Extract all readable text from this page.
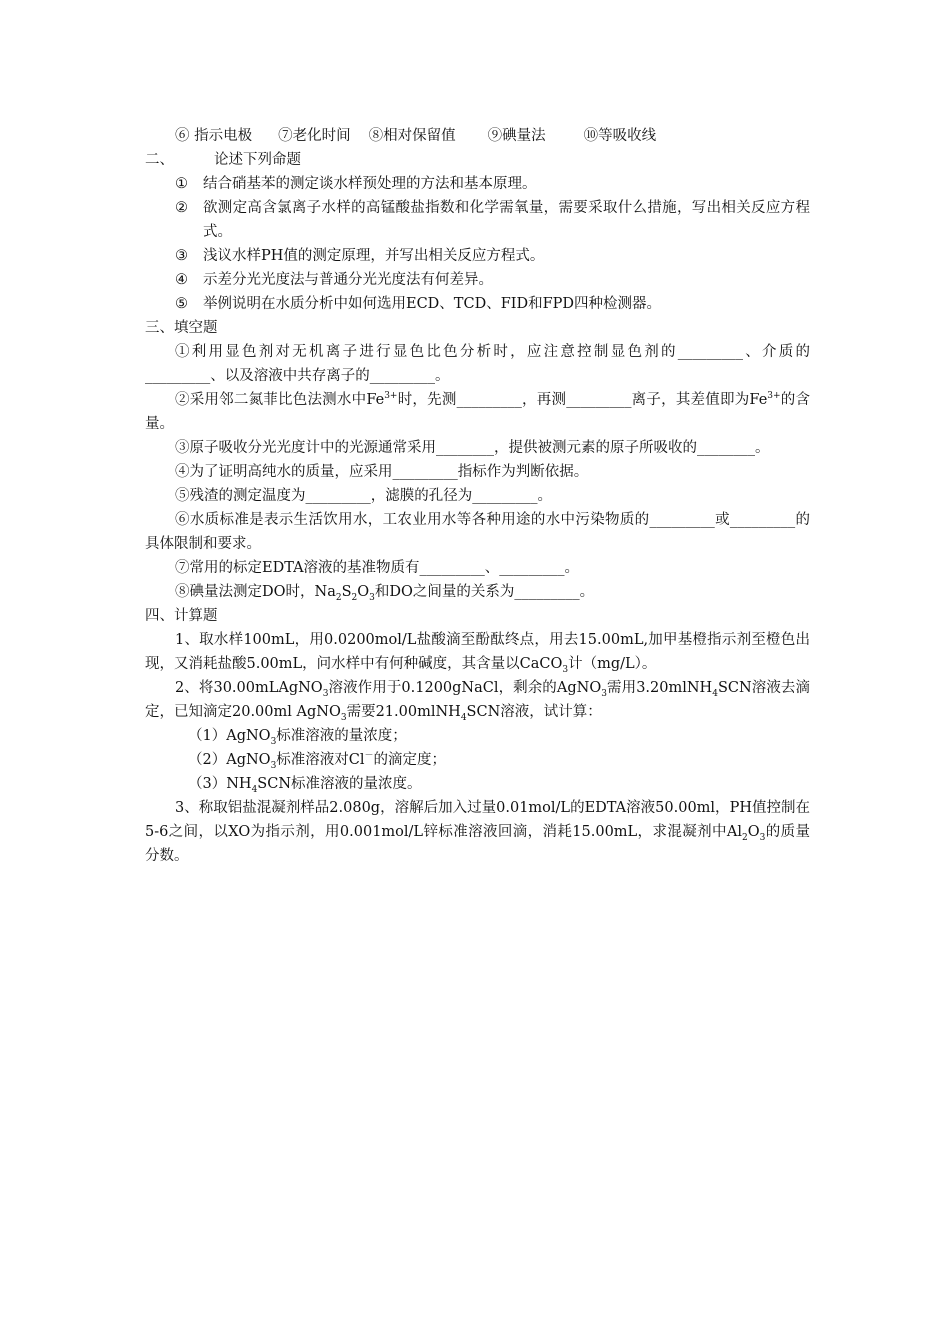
⑥ 指示电极 ⑦老化时间 ⑧相对保留值 ⑨碘量法	⑩等吸收线
二、	论述下列命题
①	结合硝基苯的测定谈水样预处理的方法和基本原理。
②	欲测定高含氯离子水样的高锰酸盐指数和化学需氧量，需要采取什么措施，写出相关反应方程式。
③	浅议水样PH值的测定原理，并写出相关反应方程式。
④	示差分光光度法与普通分光光度法有何差异。
⑤	举例说明在水质分析中如何选用ECD、TCD、FID和FPD四种检测器。
三、填空题
①利用显色剂对无机离子进行显色比色分析时，应注意控制显色剂的_________、介质的_________、以及溶液中共存离子的_________。
②采用邻二氮菲比色法测水中$Fe^{3+}$时，先测_________，再测_________离子，其差值即为$Fe^{3+}$的含量。
③原子吸收分光光度计中的光源通常采用________，提供被测元素的原子所吸收的________。
④为了证明高纯水的质量，应采用_________指标作为判断依据。
⑤残渣的测定温度为_________，滤膜的孔径为_________。
⑥水质标准是表示生活饮用水，工农业用水等各种用途的水中污染物质的_________或_________的具体限制和要求。
⑦常用的标定EDTA溶液的基准物质有_________、_________。
⑧碘量法测定DO时，$Na_2S_2O_3$和DO之间量的关系为_________。
四、计算题
1、取水样100mL，用0.0200mol/L盐酸滴至酚酞终点，用去15.00mL,加甲基橙指示剂至橙色出现，又消耗盐酸5.00mL，问水样中有何种碱度，其含量以CaCO$_3$计（mg/L）。
2、将30.00mLAgNO$_3$溶液作用于0.1200gNaCl，剩余的AgNO$_3$需用3.20mlNH$_4$SCN溶液去滴定，已知滴定20.00ml AgNO$_3$需要21.00mlNH$_4$SCN溶液，试计算：
（1）AgNO$_3$标准溶液的量浓度；
（2）AgNO$_3$标准溶液对Cl－的滴定度；
$(3)NH_4SCN$标准溶液的量浓度。
3、称取铝盐混凝剂样品2.080g，溶解后加入过量0.01mol/L的EDTA溶液50.00ml，PH值控制在5-6之间，以XO为指示剂，用0.001mol/L锌标准溶液回滴，消耗15.00mL，求混凝剂中$Al_2O_3$的质量分数。
